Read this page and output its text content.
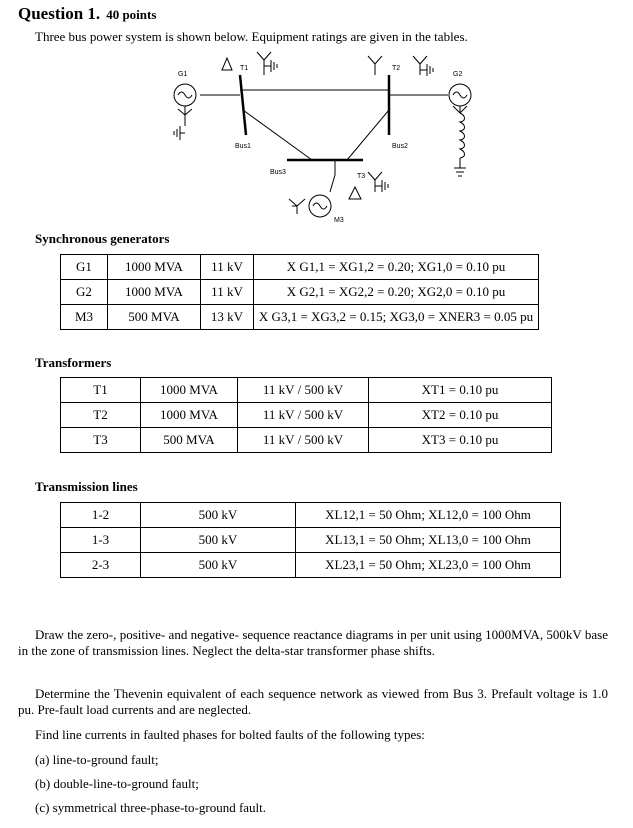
Question 1. 40 points
Three bus power system is shown below. Equipment ratings are given in the tables.
G1
T1	T2
G2
Bus1	Bus2
Bus3
T3
M3
Synchronous generators
G1	1000 MVA	11 kV	X G1,1 = XG1,2 = 0.20; XG1,0 = 0.10 pu
G2	1000 MVA	11 kV	X G2,1 = XG2,2 = 0.20; XG2,0 = 0.10 pu
M3	500 MVA	13 kV	X G3,1 = XG3,2 = 0.15; XG3,0 = XNER3 = 0.05 pu
Transformers
T1	1000 MVA	11 kV / 500 kV	XT1 = 0.10 pu
T2	1000 MVA	11 kV / 500 kV	XT2 = 0.10 pu
T3	500 MVA	11 kV / 500 kV	XT3 = 0.10 pu
Transmission lines
1-2	500 kV	XL12,1 = 50 Ohm; XL12,0 = 100 Ohm
1-3	500 kV	XL13,1 = 50 Ohm; XL13,0 = 100 Ohm
2-3	500 kV	XL23,1 = 50 Ohm; XL23,0 = 100 Ohm
Draw the zero-, positive- and negative- sequence reactance diagrams in per unit using 1000MVA, 500kV base in the zone of transmission lines. Neglect the delta-star transformer phase shifts.
Determine the Thevenin equivalent of each sequence network as viewed from Bus 3. Prefault voltage is 1.0 pu. Pre-fault load currents and are neglected.
Find line currents in faulted phases for bolted faults of the following types:
(a) line-to-ground fault;
(b) double-line-to-ground fault;
(c) symmetrical three-phase-to-ground fault.
